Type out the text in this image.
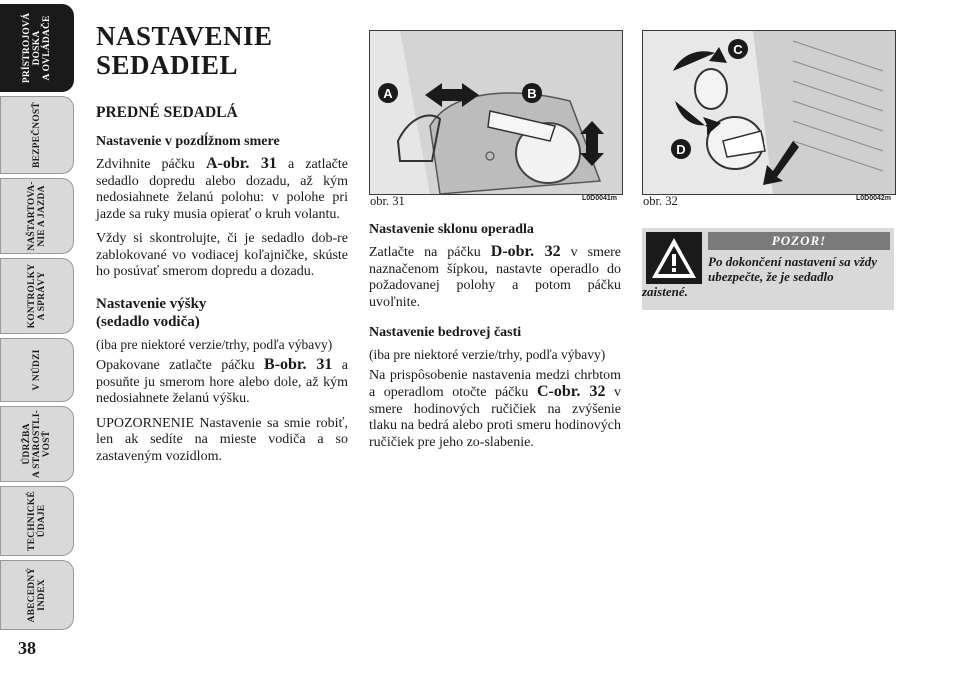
PRÍSTROJOVÁ
DOSKA
A OVLÁDAČE
BEZPEČNOSŤ
NAŠTARTOVA-
NIE A JAZDA
KONTROLKY
A SPRÁVY
V NÚDZI
ÚDRŽBA
A STAROSTLI-
VOSŤ
TECHNICKÉ
ÚDAJE
ABECEDNÝ
INDEX
38
NASTAVENIE
SEDADIEL
PREDNÉ SEDADLÁ
Nastavenie v pozdĺžnom smere

Zdvihnite páčku A-obr. 31 a zatlačte sedadlo dopredu alebo dozadu, až kým nedosiahnete želanú polohu: v polohe pri jazde sa ruky musia opierať o kruh volantu.

Vždy si skontrolujte, či je sedadlo dob-re zablokované vo vodiacej koľajničke, skúste ho posúvať smerom dopredu a dozadu.

Nastavenie výšky
(sedadlo vodiča)

(iba pre niektoré verzie/trhy, podľa výbavy)

Opakovane zatlačte páčku B-obr. 31 a posuňte ju smerom hore alebo dole, až kým nedosiahnete želanú výšku.

UPOZORNENIE Nastavenie sa smie robiť, len ak sedíte na mieste vodiča a so zastaveným vozidlom.

A	B
obr. 31	L0D0041m
C
D
obr. 32	L0D0042m
Nastavenie sklonu operadla

Zatlačte na páčku D-obr. 32 v smere naznačenom šípkou, nastavte operadlo do požadovanej polohy a potom páčku uvoľnite.

Nastavenie bedrovej časti

(iba pre niektoré verzie/trhy, podľa výbavy)

Na prispôsobenie nastavenia medzi chrbtom a operadlom otočte páčku C-obr. 32 v smere hodinových ručičiek na zvýšenie tlaku na bedrá alebo proti smeru hodinových ručičiek pre jeho zo-slabenie.

POZOR!
Po dokončení nastavení sa vždy ubezpečte, že je sedadlo
zaistené.
